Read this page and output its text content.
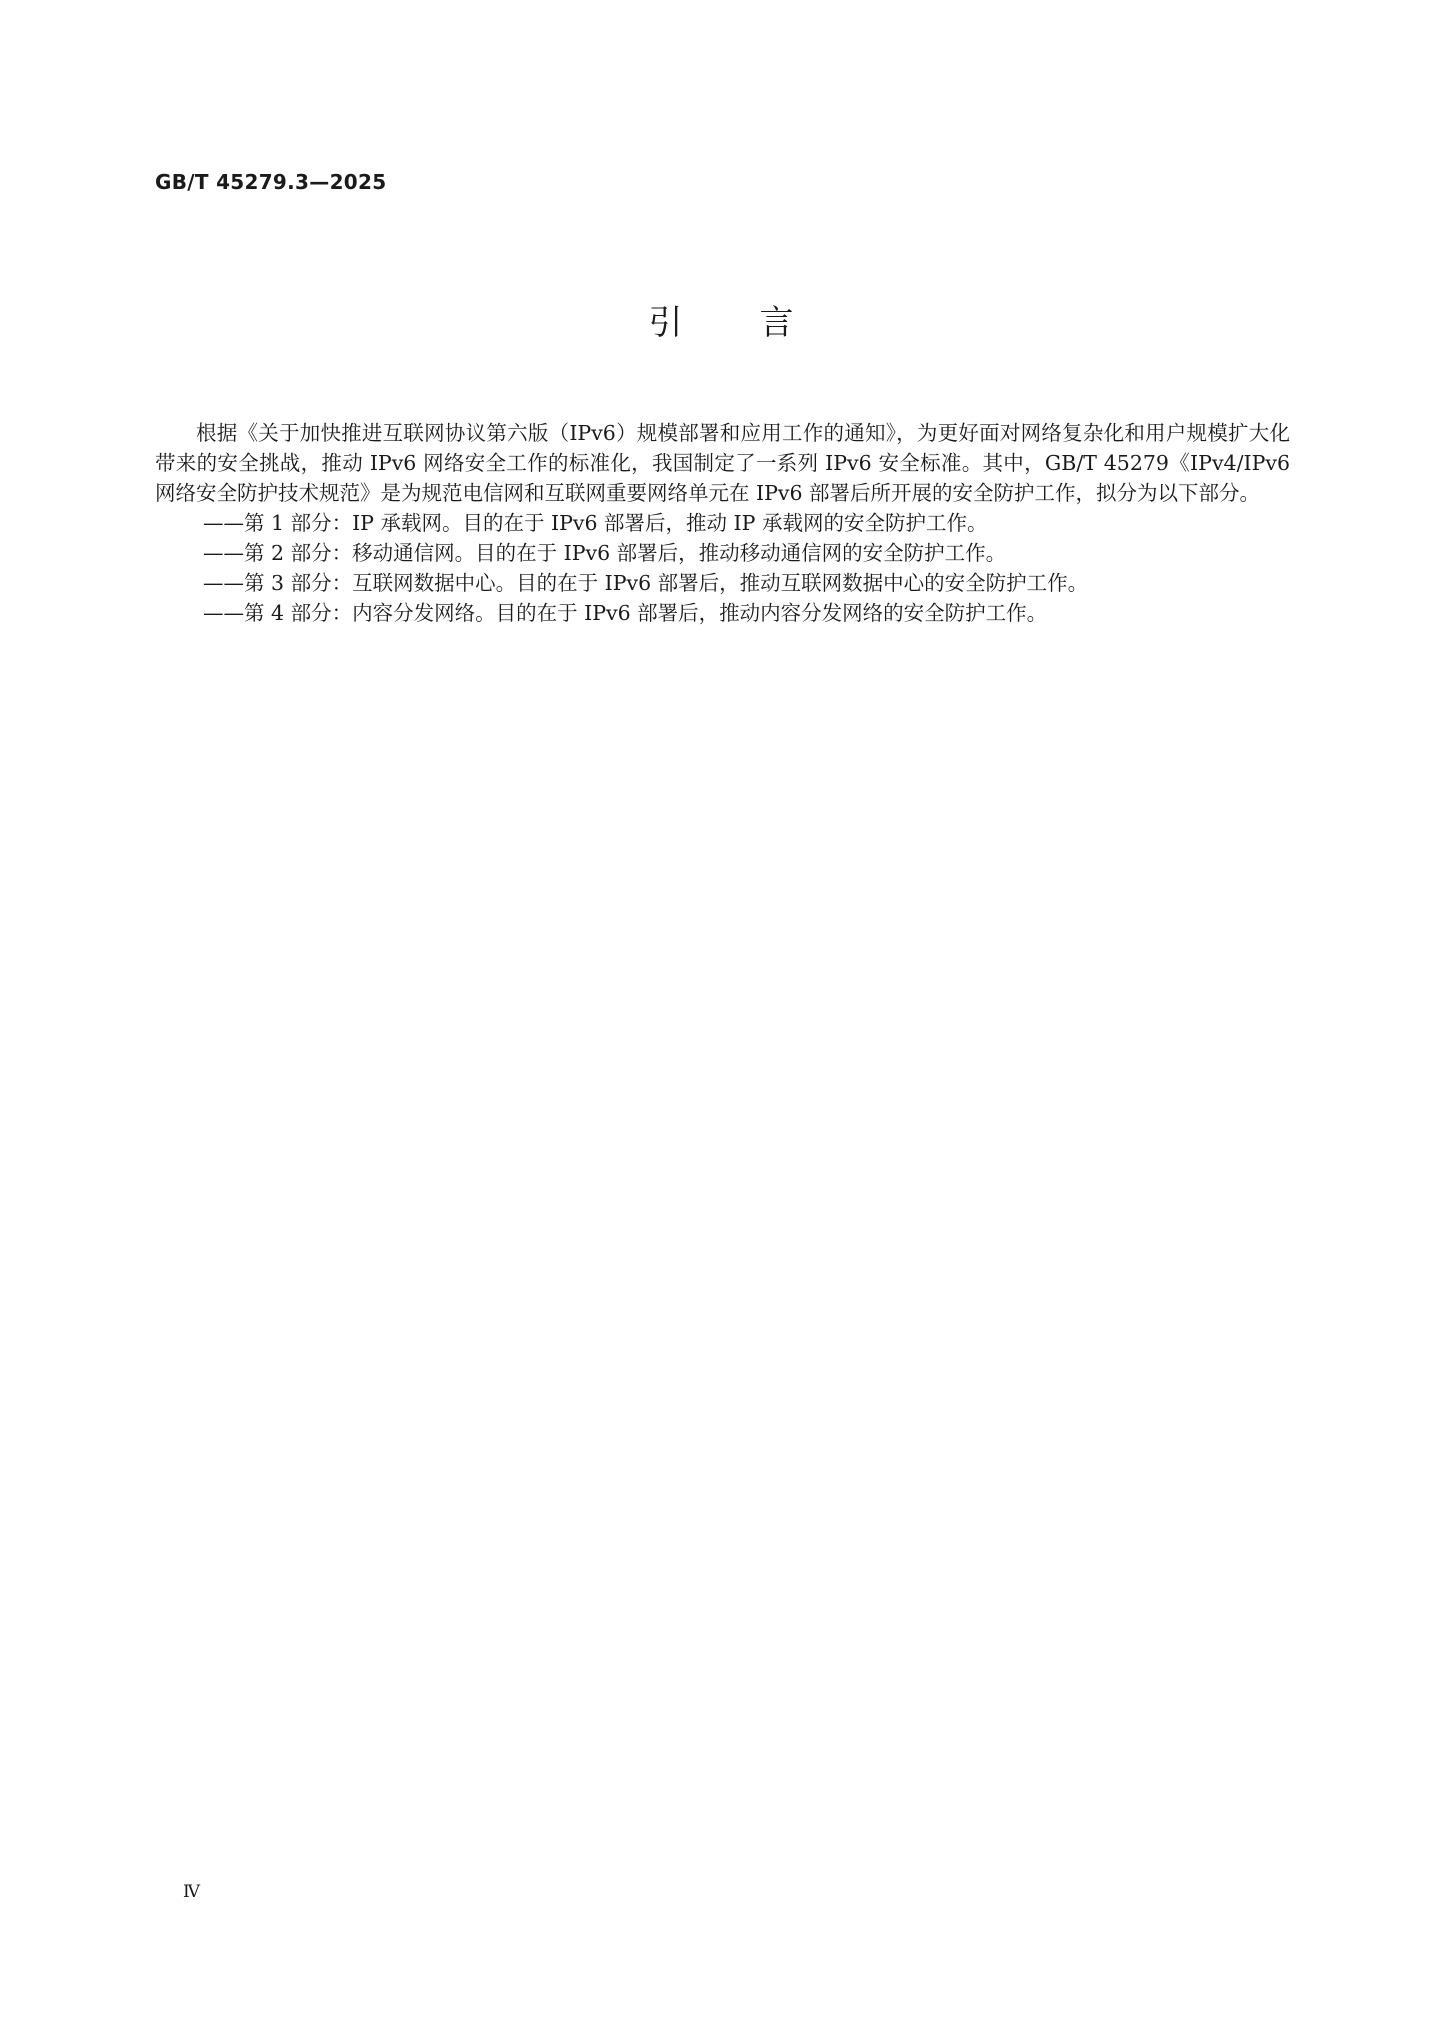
GB/T 45279.3—2025
引　　言

根据《关于加快推进互联网协议第六版（IPv6）规模部署和应用工作的通知》，为更好面对网络复杂化和用户规模扩大化带来的安全挑战，推动 IPv6 网络安全工作的标准化，我国制定了一系列 IPv6 安全标准。其中，GB/T 45279《IPv4/IPv6 网络安全防护技术规范》是为规范电信网和互联网重要网络单元在 IPv6 部署后所开展的安全防护工作，拟分为以下部分。

——第 1 部分：IP 承载网。目的在于 IPv6 部署后，推动 IP 承载网的安全防护工作。
——第 2 部分：移动通信网。目的在于 IPv6 部署后，推动移动通信网的安全防护工作。
——第 3 部分：互联网数据中心。目的在于 IPv6 部署后，推动互联网数据中心的安全防护工作。
——第 4 部分：内容分发网络。目的在于 IPv6 部署后，推动内容分发网络的安全防护工作。
Ⅳ
